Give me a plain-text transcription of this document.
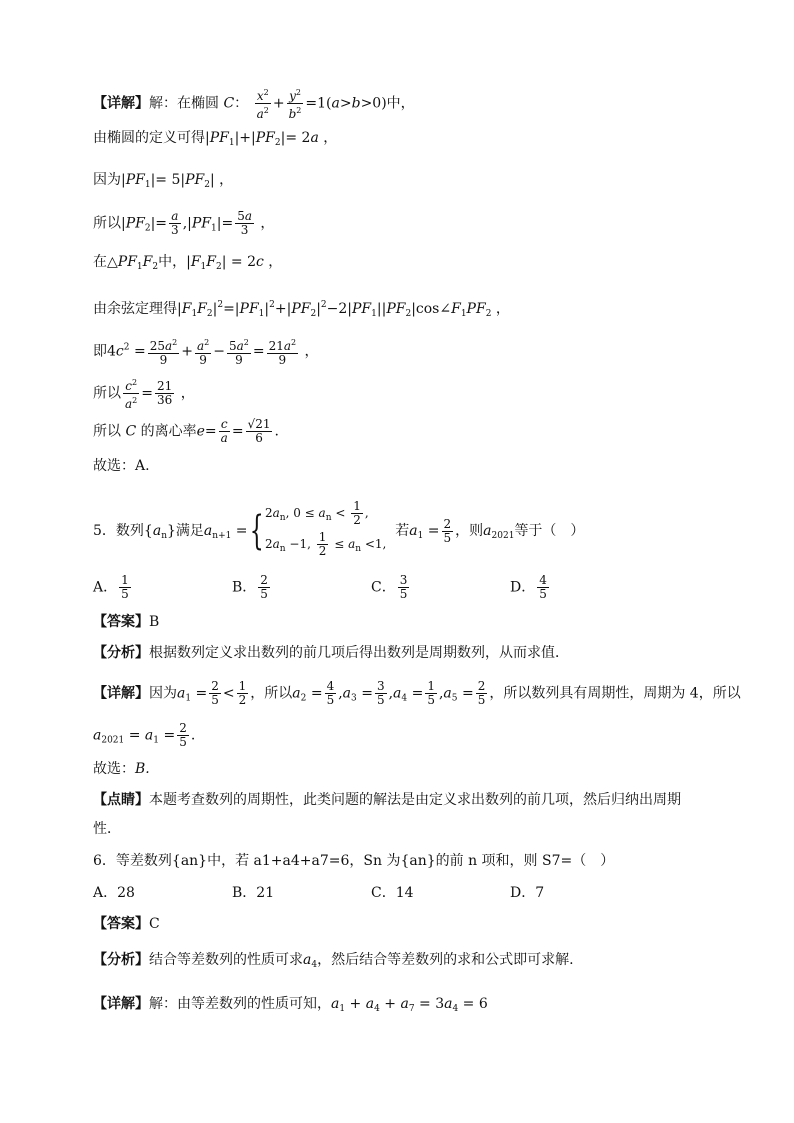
【详解】解：在椭圆 C： $\frac{x^2}{a^2} + \frac{y^2}{b^2} =1(a>b>0)$中，
由椭圆的定义可得$|PF_1|+|PF_2|= 2a$ ，
因为$|PF_1|= 5|PF_2|$ ，
所以$|PF_2|= \frac{a}{3} ,|PF_1|= \frac{5a}{3}$ ，
在$\triangle PF_1F_2$中，$|F_1F_2| = 2c$ ，
由余弦定理得$|F_1F_2|^2=|PF_1|^2+|PF_2|^2-2|PF_1||PF_2|\cos\angle F_1PF_2$ ，
即$4c^2 = \frac{25a^2}{9} + \frac{a^2}{9} - \frac{5a^2}{9} = \frac{21a^2}{9}$ ，
所以 $\frac{c^2}{a^2} = \frac{21}{36}$ ，
所以 C 的离心率$e= \frac{c}{a} = \frac{√21}{6}$ .
故选：A.
5．数列$\{a_n\}$满足$a_{n+1}$ ={ $2a_n$, $0 \le a_n < \frac{1}{2}$ ,
$2a_n -1$, $\frac{1}{2} \le a_n <1$,
若$a_1 = \frac{2}{5}$ ，则$a_{2021}$等于（　）
A． $\frac{1}{5}$	B． $\frac{2}{5}$	C． $\frac{3}{5}$	D． $\frac{4}{5}$
【答案】B
【分析】根据数列定义求出数列的前几项后得出数列是周期数列，从而求值．
【详解】因为$a_1 = \frac{2}{5} < \frac{1}{2}$ ，所以$a_2 = \frac{4}{5} ,a_3 = \frac{3}{5} ,a_4 = \frac{1}{5} ,a_5 = \frac{2}{5}$ ，所以数列具有周期性，周期为 4，所以
$a_{2021} = a_1 = \frac{2}{5}$ .
故选：B.
【点睛】本题考查数列的周期性，此类问题的解法是由定义求出数列的前几项，然后归纳出周期
性．
6．等差数列{an}中，若 a1+a4+a7=6，Sn 为{an}的前 n 项和，则 S7=（　）
A．28	B．21	C．14	D．7
【答案】C
【分析】结合等差数列的性质可求$a_4$，然后结合等差数列的求和公式即可求解.
【详解】解：由等差数列的性质可知，$a_1 + a_4 + a_7 = 3a_4 = 6$
